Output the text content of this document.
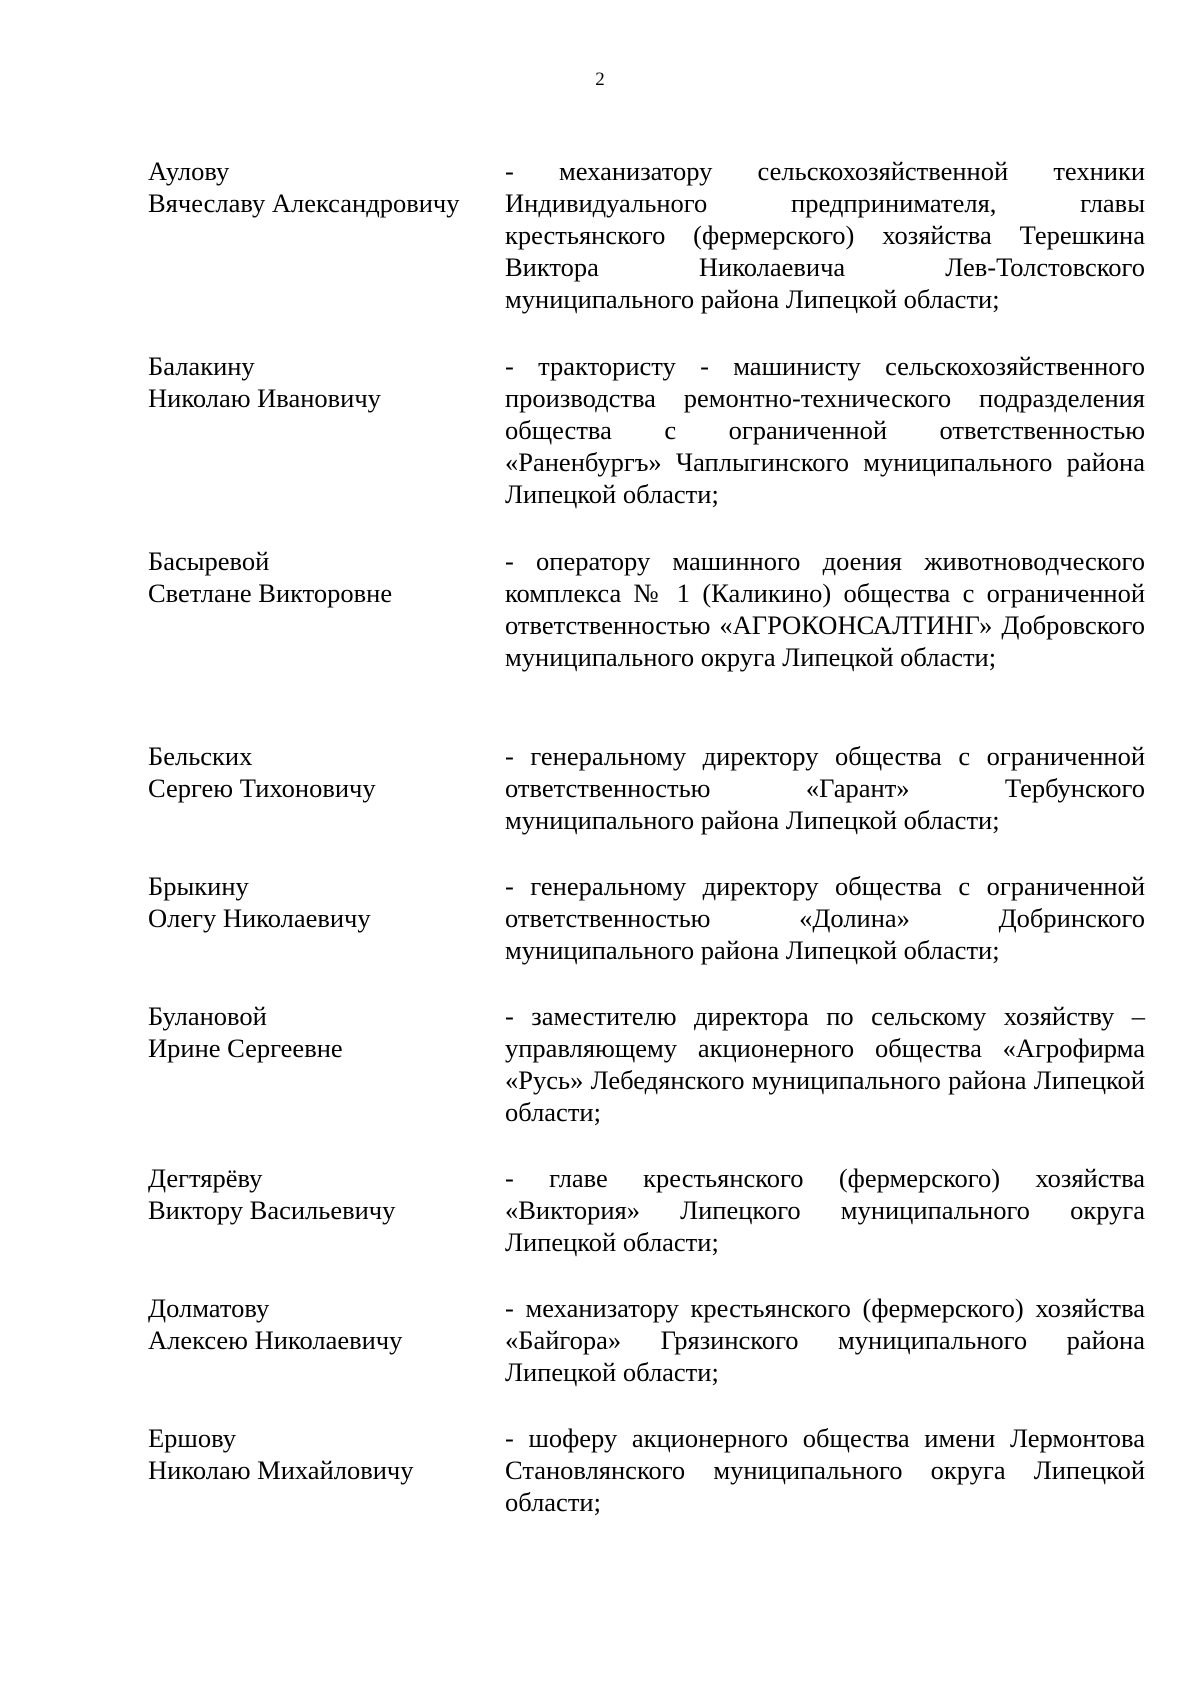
2
Аулову
Вячеславу Александровичу
- механизатору сельскохозяйственной техники Индивидуального предпринимателя, главы крестьянского (фермерского) хозяйства Терешкина Виктора Николаевича Лев-Толстовского муниципального района Липецкой области;
Балакину
Николаю Ивановичу
- трактористу - машинисту сельскохозяйственного производства ремонтно-технического подразделения общества с ограниченной ответственностью «Раненбургъ» Чаплыгинского муниципального района Липецкой области;
Басыревой
Светлане Викторовне
- оператору машинного доения животноводческого комплекса № 1 (Каликино) общества с ограниченной ответственностью «АГРОКОНСАЛТИНГ» Добровского муниципального округа Липецкой области;
Бельских
Сергею Тихоновичу
- генеральному директору общества с ограниченной ответственностью «Гарант» Тербунского муниципального района Липецкой области;
Брыкину
Олегу Николаевичу
- генеральному директору общества с ограниченной ответственностью «Долина» Добринского муниципального района Липецкой области;
Булановой
Ирине Сергеевне
- заместителю директора по сельскому хозяйству – управляющему акционерного общества «Агрофирма «Русь» Лебедянского муниципального района Липецкой области;
Дегтярёву
Виктору Васильевичу
- главе крестьянского (фермерского) хозяйства «Виктория» Липецкого муниципального округа Липецкой области;
Долматову
Алексею Николаевичу
- механизатору крестьянского (фермерского) хозяйства «Байгора» Грязинского муниципального района Липецкой области;
Ершову
Николаю Михайловичу
- шоферу акционерного общества имени Лермонтова Становлянского муниципального округа Липецкой области;
